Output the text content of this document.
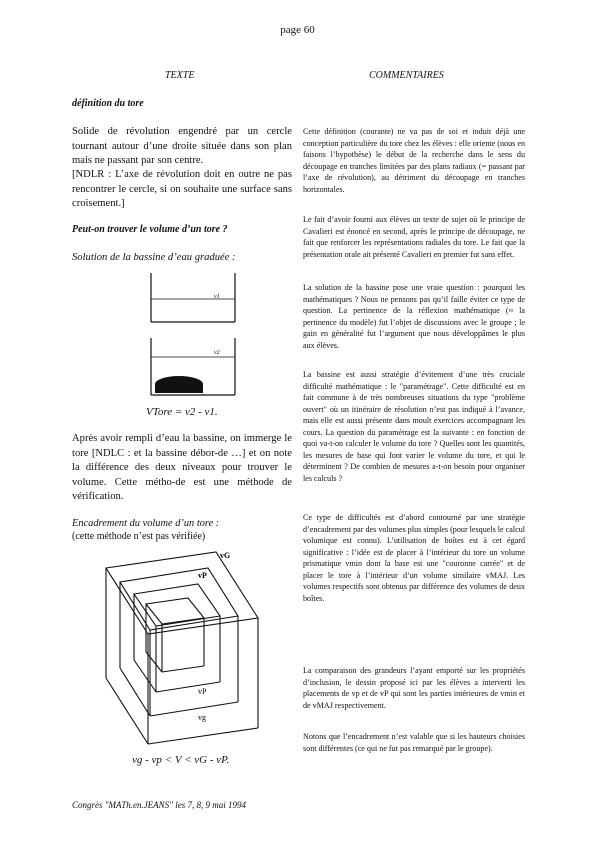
page 60
TEXTE	COMMENTAIRES
définition du tore

Solide de révolution engendré par un cercle tournant autour d’une droite située dans son plan mais ne passant par son centre.

[NDLR : L’axe de révolution doit en outre ne pas rencontrer le cercle, si on souhaite une surface sans croisement.]

Peut-on trouver le volume d’un tore ?
Solution de la bassine d’eau graduée :
v1
v2
VTore = v2 - v1.

Après avoir rempli d’eau la bassine, on immerge le tore [NDLC : et la bassine débor-de …] et on note la différence des deux niveaux pour trouver le volume. Cette métho-de est une méthode de vérification.

Encadrement du volume d’un tore :
(cette méthode n’est pas vérifiée)
vG
vP
vP
vg
vg - vp < V < vG - vP.

Cette définition (courante) ne va pas de soi et induit déjà une conception particulière du tore chez les élèves : elle oriente (nous en faisons l’hypothèse) le début de la recherche dans le sens du découpage en tranches limitées par des plans radiaux (= passant par l’axe de révolution), au détriment du découpage en tranches horizontales.

Le fait d’avoir fourni aux élèves un texte de sujet où le principe de Cavalieri est énoncé en second, après le principe de découpage, ne fait que renforcer les représentations radiales du tore. Le fait que la présentation orale ait présenté Cavalieri en premier fut sans effet.

La solution de la bassine pose une vraie question : pourquoi les mathématiques ? Nous ne pensons pas qu’il faille éviter ce type de question. La pertinence de la réflexion mathématique (≈ la pertinence du modèle) fut l’objet de discussions avec le groupe ; le gain en généralité fut l’argument que nous développâmes le plus aux élèves.

La bassine est aussi stratégie d’évitement d’une très cruciale difficulté mathématique : le "paramétrage". Cette difficulté est en fait commune à de très nombreuses situations du type "problème ouvert" où un itinéraire de résolution n’est pas indiqué à l’avance, mais elle est aussi présente dans moult exercices accompagnant les cours. La question du paramétrage est la suivante : en fonction de quoi va-t-on calculer le volume du tore ? Quelles sont les quantités, les mesures de base qui font varier le volume du tore, et qui le déterminent ? De combien de mesures a-t-on besoin pour organiser les calculs ?

Ce type de difficultés est d’abord contourné par une stratégie d’encadrement par des volumes plus simples (pour lesquels le calcul volumique est connu). L’utilisation de boîtes est à cet égard significative : l’idée est de placer à l’intérieur du tore un volume prismatique vmin dont la base est une "couronne carrée" et de placer le tore à l’intérieur d’un volume similaire vMAJ. Les volumes respectifs sont obtenus par différence des volumes de deux boîtes.

La comparaison des grandeurs l’ayant emporté sur les propriétés d’inclusion, le dessin proposé ici par les élèves a interverti les placements de vp et de vP qui sont les parties intérieures de vmin et de vMAJ respectivement.

Notons que l’encadrement n’est valable que si les hauteurs choisies sont différentes (ce qui ne fut pas remarqué par le groupe).

Congrès "MATh.en.JEANS" les 7, 8, 9 mai 1994
